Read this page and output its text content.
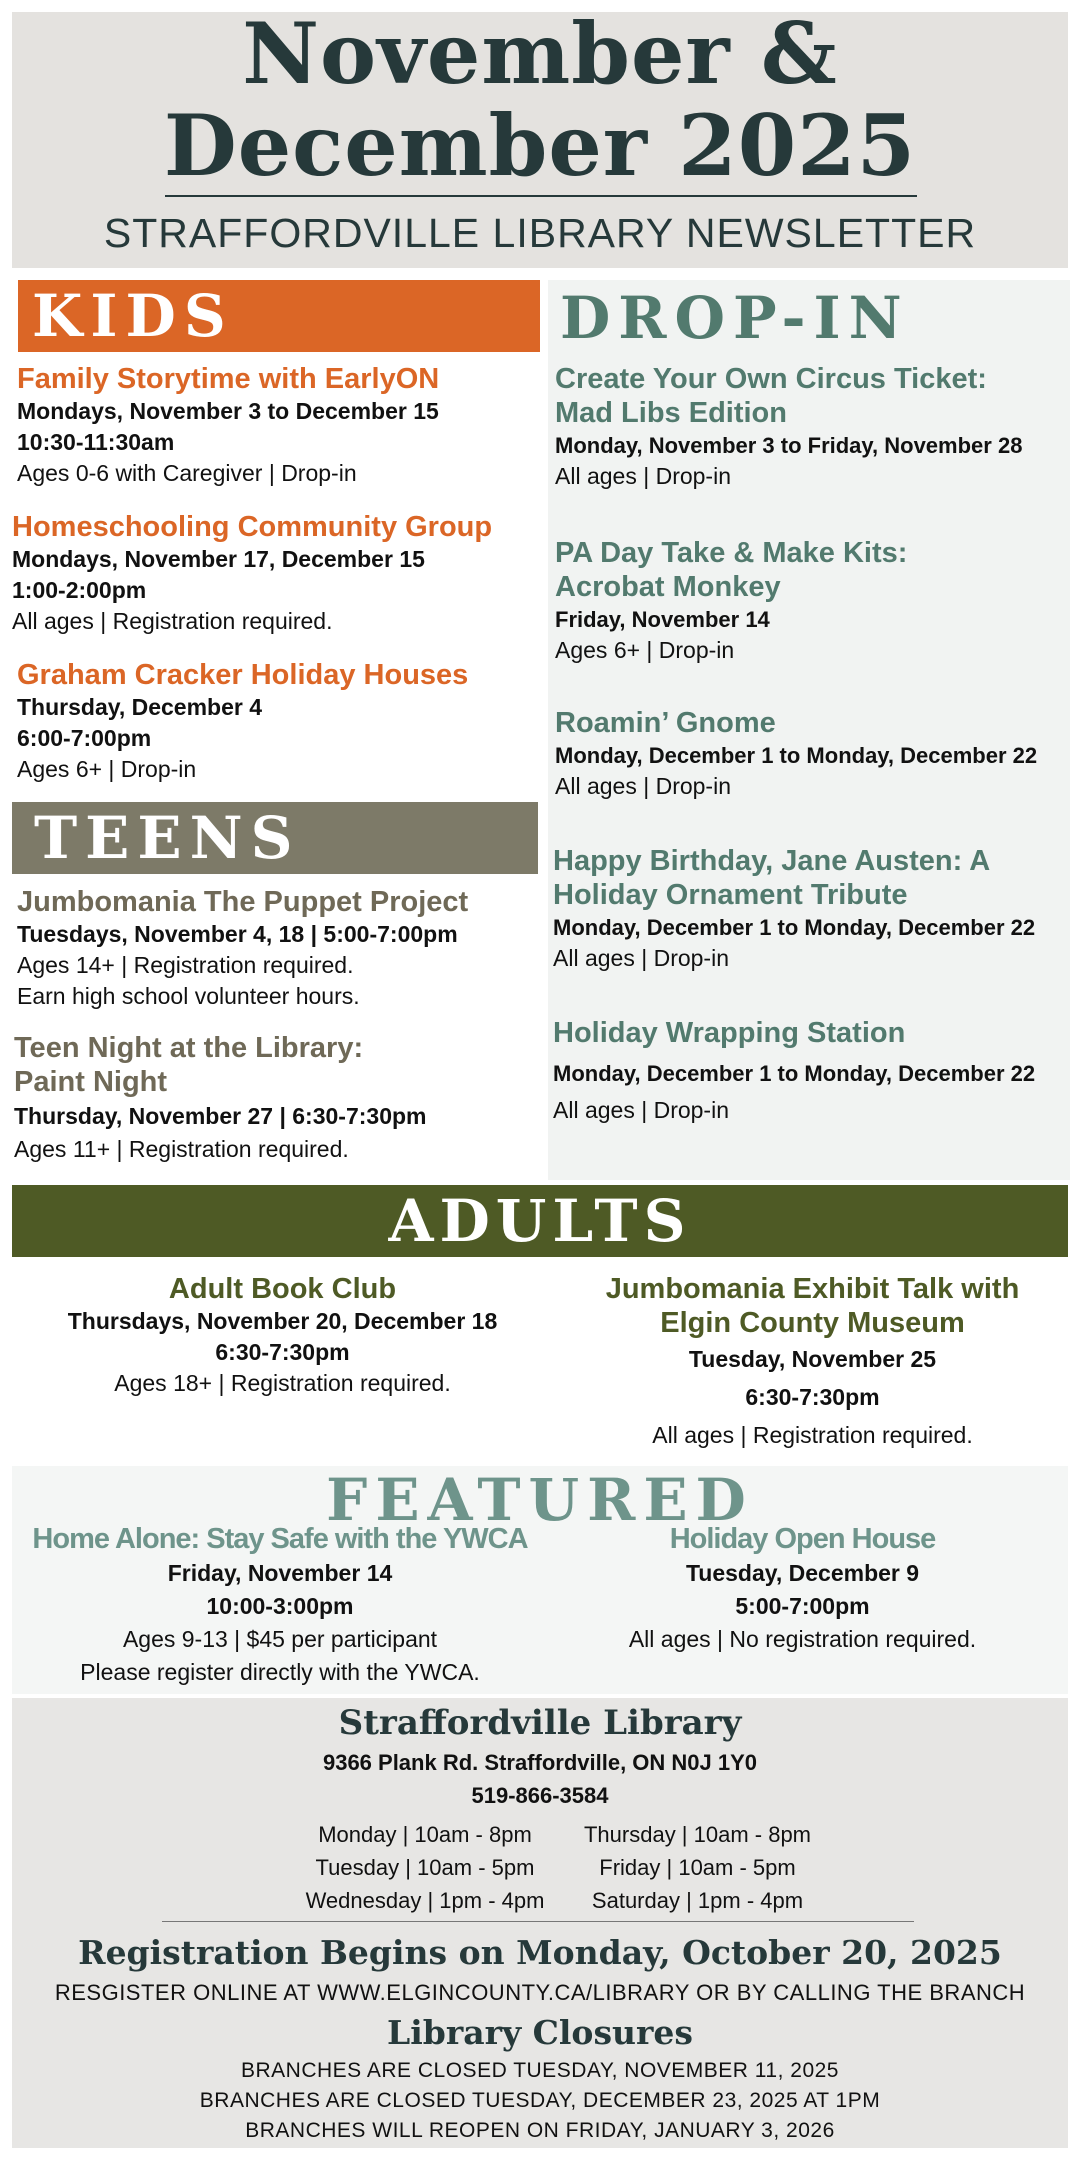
November & December 2025
STRAFFORDVILLE LIBRARY NEWSLETTER
KIDS
Family Storytime with EarlyON
Mondays, November 3 to December 15
10:30-11:30am
Ages 0-6 with Caregiver | Drop-in
Homeschooling Community Group
Mondays, November 17, December 15
1:00-2:00pm
All ages | Registration required.
Graham Cracker Holiday Houses
Thursday, December 4
6:00-7:00pm
Ages 6+ | Drop-in
TEENS
Jumbomania The Puppet Project
Tuesdays, November 4, 18 | 5:00-7:00pm
Ages 14+ | Registration required.
Earn high school volunteer hours.
Teen Night at the Library:
Paint Night
Thursday, November 27 | 6:30-7:30pm
Ages 11+ | Registration required.
DROP-IN
Create Your Own Circus Ticket:
Mad Libs Edition
Monday, November 3 to Friday, November 28
All ages | Drop-in
PA Day Take & Make Kits:
Acrobat Monkey
Friday, November 14
Ages 6+ | Drop-in
Roamin’ Gnome
Monday, December 1 to Monday, December 22
All ages | Drop-in
Happy Birthday, Jane Austen: A
Holiday Ornament Tribute
Monday, December 1 to Monday, December 22
All ages | Drop-in
Holiday Wrapping Station
Monday, December 1 to Monday, December 22
All ages | Drop-in
ADULTS
Adult Book Club
Thursdays, November 20, December 18
6:30-7:30pm
Ages 18+ | Registration required.
Jumbomania Exhibit Talk with
Elgin County Museum
Tuesday, November 25
6:30-7:30pm
All ages | Registration required.
FEATURED
Home Alone: Stay Safe with the YWCA
Friday, November 14
10:00-3:00pm
Ages 9-13 | $45 per participant
Please register directly with the YWCA.
Holiday Open House
Tuesday, December 9
5:00-7:00pm
All ages | No registration required.
Straffordville Library
9366 Plank Rd. Straffordville, ON N0J 1Y0
519-866-3584
Monday | 10am - 8pm
Tuesday | 10am - 5pm
Wednesday | 1pm - 4pm
Thursday | 10am - 8pm
Friday | 10am - 5pm
Saturday | 1pm - 4pm
Registration Begins on Monday, October 20, 2025
RESGISTER ONLINE AT WWW.ELGINCOUNTY.CA/LIBRARY OR BY CALLING THE BRANCH
Library Closures
BRANCHES ARE CLOSED TUESDAY, NOVEMBER 11, 2025
BRANCHES ARE CLOSED TUESDAY, DECEMBER 23, 2025 AT 1PM
BRANCHES WILL REOPEN ON FRIDAY, JANUARY 3, 2026
